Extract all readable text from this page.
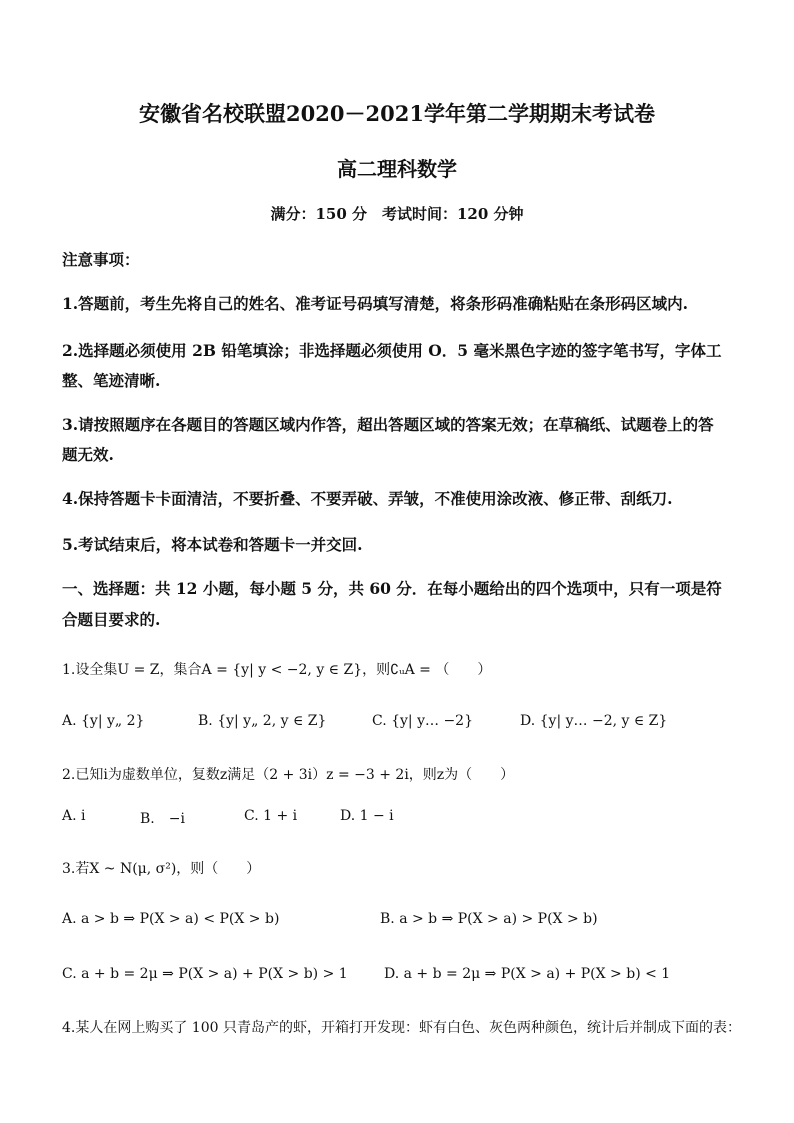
安徽省名校联盟2020－2021学年第二学期期末考试卷
高二理科数学
满分：150 分　考试时间：120 分钟
注意事项：
1.答题前，考生先将自己的姓名、准考证号码填写清楚，将条形码准确粘贴在条形码区域内.
2.选择题必须使用 2B 铅笔填涂；非选择题必须使用 O．5 毫米黑色字迹的签字笔书写，字体工
整、笔迹清晰.
3.请按照题序在各题目的答题区域内作答，超出答题区域的答案无效；在草稿纸、试题卷上的答
题无效.
4.保持答题卡卡面清洁，不要折叠、不要弄破、弄皱，不准使用涂改液、修正带、刮纸刀.
5.考试结束后，将本试卷和答题卡一并交回.
一、选择题：共 12 小题，每小题 5 分，共 60 分．在每小题给出的四个选项中，只有一项是符
合题目要求的.
1.设全集U = Z，集合A = {y| y < −2, y ∈ Z}，则∁ᵤA = （　　）
A. {y| y„ 2}	B. {y| y„ 2, y ∈ Z}	C. {y| y… −2}	D. {y| y… −2, y ∈ Z}
2.已知i为虚数单位，复数z满足（2 + 3i）z = −3 + 2i，则z为（　　）
A. i	B.　−i	C. 1 + i	D. 1 − i
3.若X ~ N(μ, σ²)，则（　　）
A. a > b ⇒ P(X > a) < P(X > b)	B. a > b ⇒ P(X > a) > P(X > b)
C. a + b = 2μ ⇒ P(X > a) + P(X > b) > 1	D. a + b = 2μ ⇒ P(X > a) + P(X > b) < 1
4.某人在网上购买了 100 只青岛产的虾，开箱打开发现：虾有白色、灰色两种颜色，统计后并制成下面的表：
